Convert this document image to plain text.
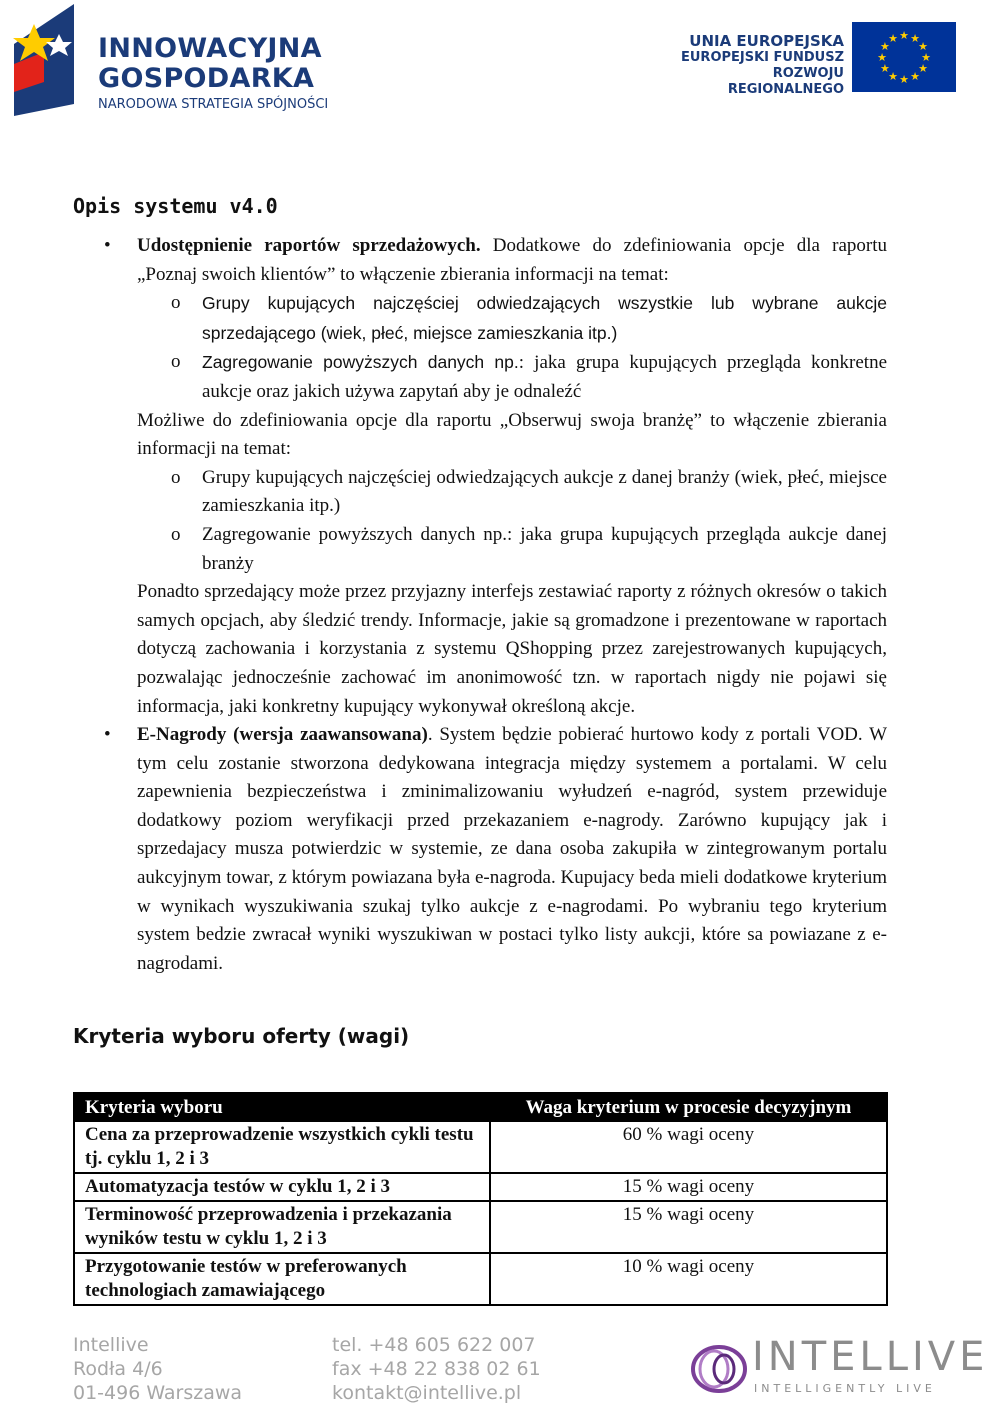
INNOWACYJNA
GOSPODARKA
NARODOWA STRATEGIA SPÓJNOŚCI
UNIA EUROPEJSKA
EUROPEJSKI FUNDUSZ
ROZWOJU REGIONALNEGO
★ ★
★
★
★
★
★
★
★
★
★
★
Opis systemu v4.0
• Udostępnienie raportów sprzedażowych. Dodatkowe do zdefiniowania opcje dla raportu „Poznaj swoich klientów” to włączenie zbierania informacji na temat:
o Grupy kupujących najczęściej odwiedzających wszystkie lub wybrane aukcje sprzedającego (wiek, płeć, miejsce zamieszkania itp.)
o Zagregowanie powyższych danych np.: jaka grupa kupujących przegląda konkretne aukcje oraz jakich używa zapytań aby je odnaleźć
Możliwe do zdefiniowania opcje dla raportu „Obserwuj swoja branżę” to włączenie zbierania informacji na temat:
o Grupy kupujących najczęściej odwiedzających aukcje z danej branży (wiek, płeć, miejsce zamieszkania itp.)
o Zagregowanie powyższych danych np.: jaka grupa kupujących przegląda aukcje danej branży
Ponadto sprzedający może przez przyjazny interfejs zestawiać raporty z różnych okresów o takich samych opcjach, aby śledzić trendy. Informacje, jakie są gromadzone i prezentowane w raportach dotyczą zachowania i korzystania z systemu QShopping przez zarejestrowanych kupujących, pozwalając jednocześnie zachować im anonimowość tzn. w raportach nigdy nie pojawi się informacja, jaki konkretny kupujący wykonywał określoną akcje.
• E-Nagrody (wersja zaawansowana). System będzie pobierać hurtowo kody z portali VOD. W tym celu zostanie stworzona dedykowana integracja między systemem a portalami. W celu zapewnienia bezpieczeństwa i zminimalizowaniu wyłudzeń e-nagród, system przewiduje dodatkowy poziom weryfikacji przed przekazaniem e-nagrody. Zarówno kupujący jak i sprzedajacy musza potwierdzic w systemie, ze dana osoba zakupiła w zintegrowanym portalu aukcyjnym towar, z którym powiazana była e-nagroda. Kupujacy beda mieli dodatkowe kryterium w wynikach wyszukiwania szukaj tylko aukcje z e-nagrodami. Po wybraniu tego kryterium system bedzie zwracał wyniki wyszukiwan w postaci tylko listy aukcji, które sa powiazane z e-nagrodami.
Kryteria wyboru oferty (wagi)
Kryteria wyboru	Waga kryterium w procesie decyzyjnym
Cena za przeprowadzenie wszystkich cykli testu tj. cyklu 1, 2 i 3	60 % wagi oceny
Automatyzacja testów w cyklu 1, 2 i 3	15 % wagi oceny
Terminowość przeprowadzenia i przekazania wyników testu w cyklu 1, 2 i 3	15 % wagi oceny
Przygotowanie testów w preferowanych technologiach zamawiającego	10 % wagi oceny
Intellive
Rodła 4/6
01-496 Warszawa
tel. +48 605 622 007
fax +48 22 838 02 61
kontakt@intellive.pl
INTELLIVE
INTELLIGENTLY LIVE
